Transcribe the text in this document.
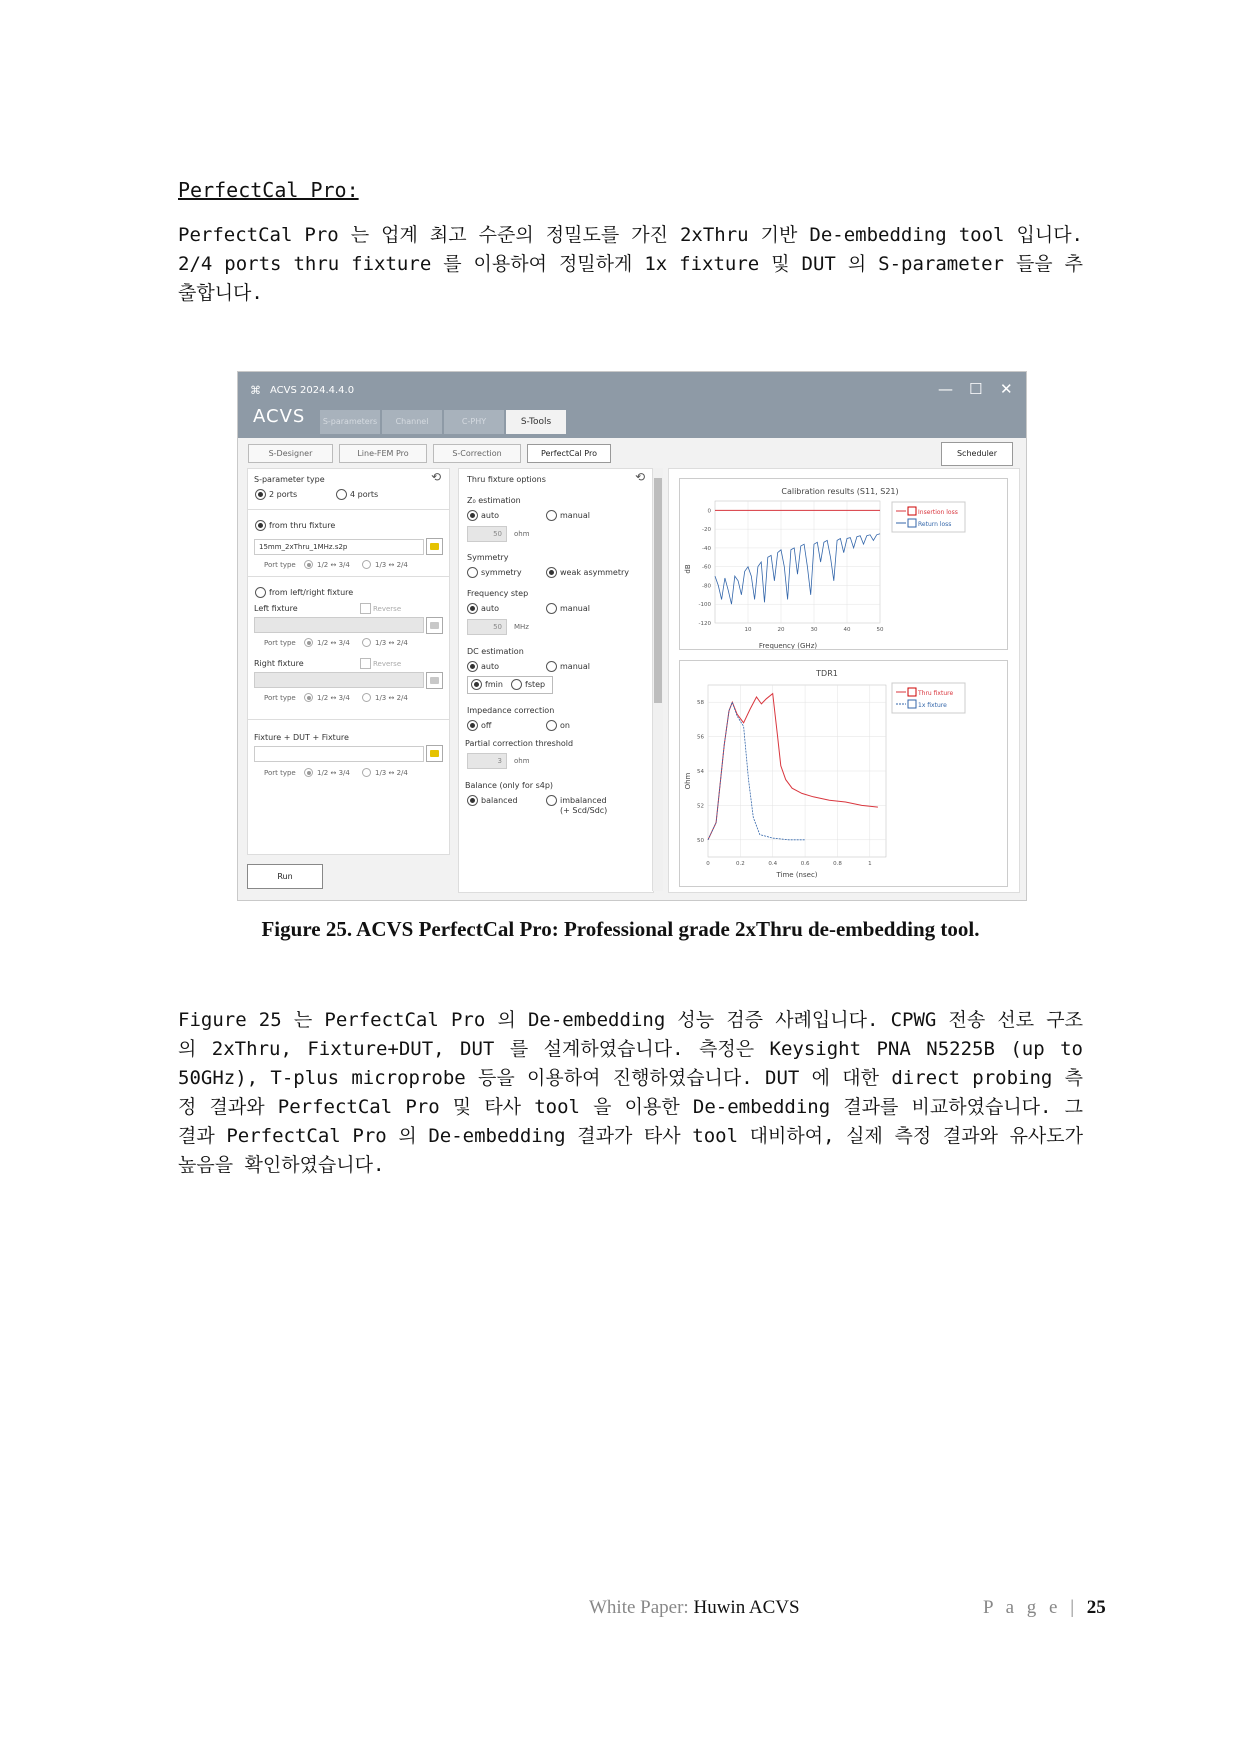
PerfectCal Pro:
PerfectCal Pro 는 업계 최고 수준의 정밀도를 가진 2xThru 기반 De-embedding tool 입니다. 2/4 ports thru fixture 를 이용하여 정밀하게 1x fixture 및 DUT 의 S-parameter 들을 추출합니다.
⌘ ACVS 2024.4.4.0
ACVS
— ☐ ✕
S-parameters	Channel	C-PHY	S-Tools
S-Designer	Line-FEM Pro	S-Correction	PerfectCal Pro	Scheduler
S-parameter type	⟲
2 ports	4 ports
from thru fixture
15mm_2xThru_1MHz.s2p
Port type	1/2 ↔ 3/4	1/3 ↔ 2/4
from left/right fixture
Left fixture	Reverse
Port type	1/2 ↔ 3/4	1/3 ↔ 2/4
Right fixture	Reverse
Port type	1/2 ↔ 3/4	1/3 ↔ 2/4
Fixture + DUT + Fixture
Port type	1/2 ↔ 3/4	1/3 ↔ 2/4
Run
Thru fixture options	⟲
Z₀ estimation
auto	manual
50	ohm
Symmetry
symmetry	weak asymmetry
Frequency step
auto	manual
50	MHz
DC estimation
auto	manual
fmin	fstep
Impedance correction
off	on
Partial correction threshold
3	ohm
Balance (only for s4p)
balanced	imbalanced
(+ Scd/Sdc)
Calibration results (S11, S21)
Frequency (GHz)
dB
10	20	30	40	50
0
-20
-40
-60
-80
-100
-120
Insertion loss
Return loss
TDR1
Time (nsec)
Ohm
0	0.2	0.4	0.6	0.8	1
50
52
54
56
58
Thru fixture
1x fixture
Figure 25. ACVS PerfectCal Pro: Professional grade 2xThru de-embedding tool.
Figure 25 는 PerfectCal Pro 의 De-embedding 성능 검증 사례입니다. CPWG 전송 선로 구조의 2xThru, Fixture+DUT, DUT 를 설계하였습니다. 측정은 Keysight PNA N5225B (up to 50GHz), T-plus microprobe 등을 이용하여 진행하였습니다. DUT 에 대한 direct probing 측정 결과와 PerfectCal Pro 및 타사 tool 을 이용한 De-embedding 결과를 비교하였습니다. 그 결과 PerfectCal Pro 의 De-embedding 결과가 타사 tool 대비하여, 실제 측정 결과와 유사도가 높음을 확인하였습니다.
White Paper: Huwin ACVS	P a g e | 25
